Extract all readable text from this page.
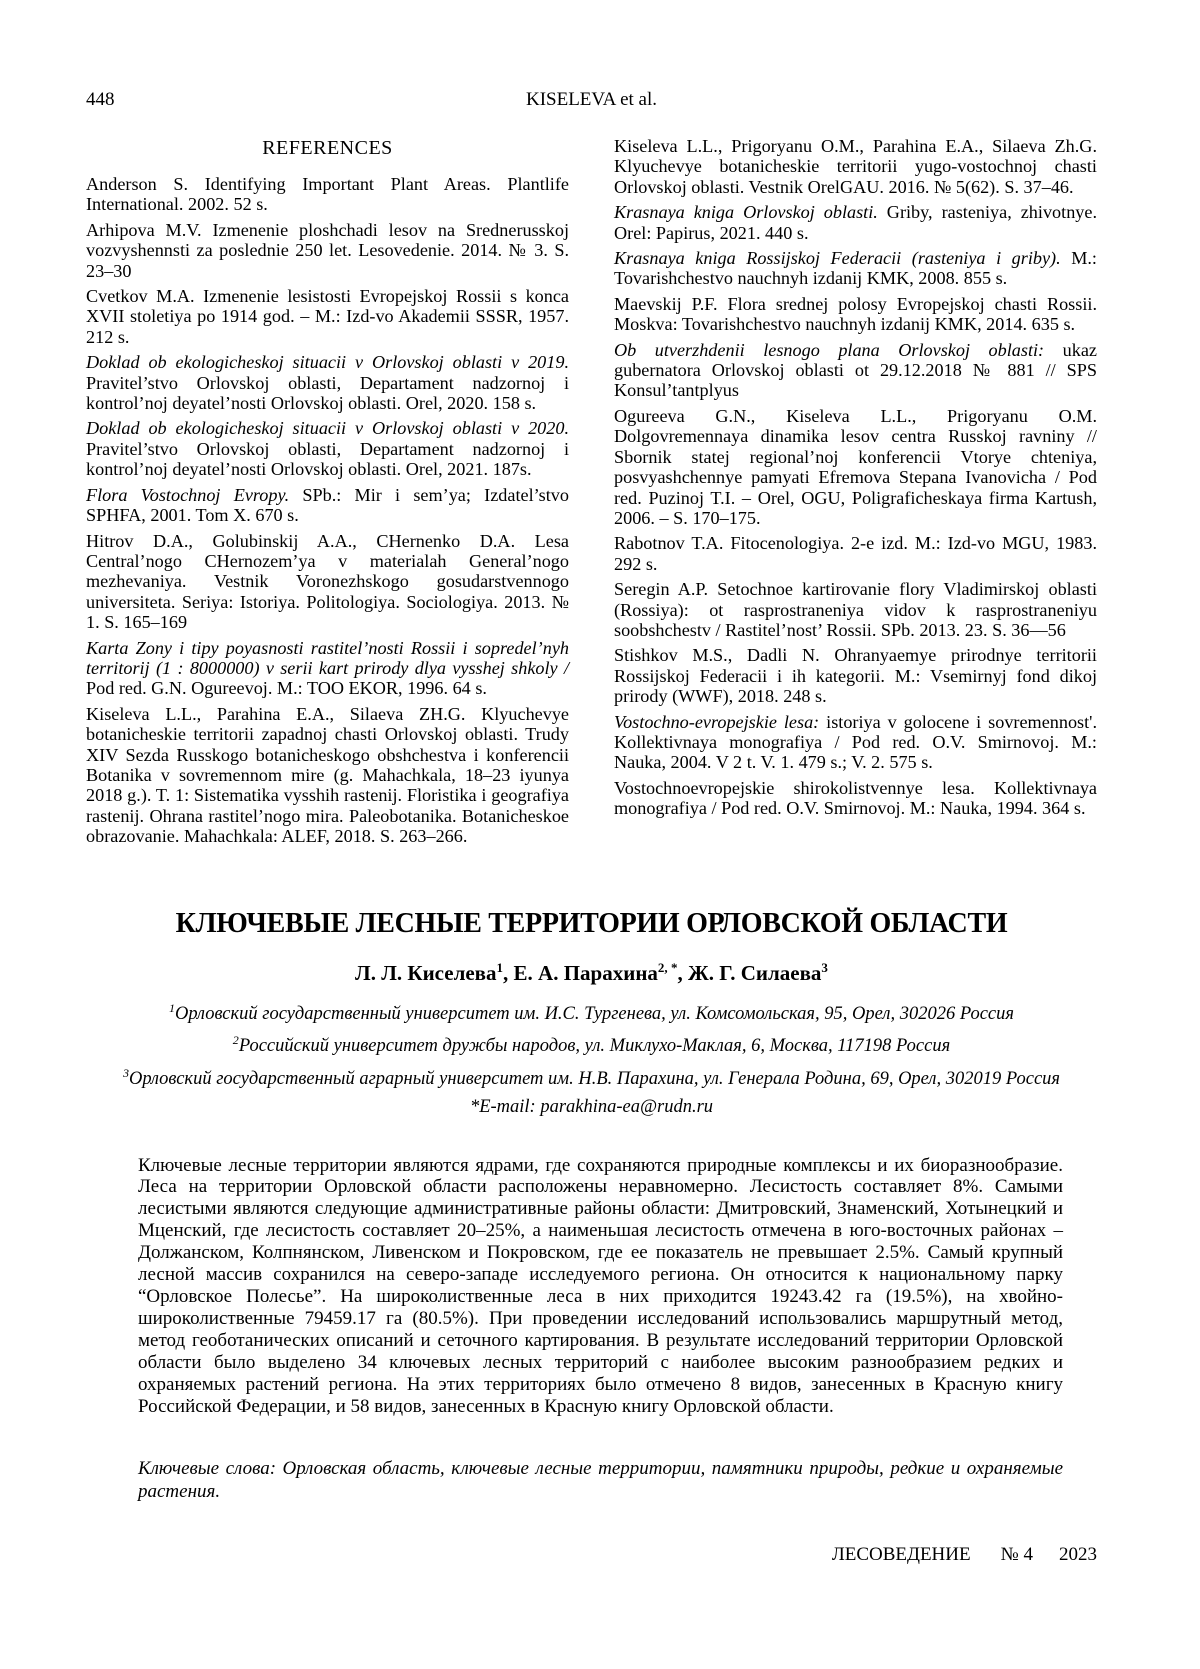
448	KISELEVA et al.
REFERENCES

Anderson S. Identifying Important Plant Areas. Plantlife International. 2002. 52 s.

Arhipova M.V. Izmenenie ploshchadi lesov na Srednerusskoj vozvyshennsti za poslednie 250 let. Lesovedenie. 2014. № 3. S. 23–30

Cvetkov M.A. Izmenenie lesistosti Evropejskoj Rossii s konca XVII stoletiya po 1914 god. – M.: Izd-vo Akademii SSSR, 1957. 212 s.

Doklad ob ekologicheskoj situacii v Orlovskoj oblasti v 2019. Pravitel’stvo Orlovskoj oblasti, Departament nadzornoj i kontrol’noj deyatel’nosti Orlovskoj oblasti. Orel, 2020. 158 s.

Doklad ob ekologicheskoj situacii v Orlovskoj oblasti v 2020. Pravitel’stvo Orlovskoj oblasti, Departament nadzornoj i kontrol’noj deyatel’nosti Orlovskoj oblasti. Orel, 2021. 187s.

Flora Vostochnoj Evropy. SPb.: Mir i sem’ya; Izdatel’stvo SPHFA, 2001. Tom X. 670 s.

Hitrov D.A., Golubinskij A.A., CHernenko D.A. Lesa Central’nogo CHernozem’ya v materialah General’nogo mezhevaniya. Vestnik Voronezhskogo gosudarstvennogo universiteta. Seriya: Istoriya. Politologiya. Sociologiya. 2013. № 1. S. 165–169

Karta Zony i tipy poyasnosti rastitel’nosti Rossii i sopredel’nyh territorij (1 : 8000000) v serii kart prirody dlya vysshej shkoly / Pod red. G.N. Ogureevoj. M.: TOO EKOR, 1996. 64 s.

Kiseleva L.L., Parahina E.A., Silaeva ZH.G. Klyuchevye botanicheskie territorii zapadnoj chasti Orlovskoj oblasti. Trudy XIV Sezda Russkogo botanicheskogo obshchestva i konferencii Botanika v sovremennom mire (g. Mahachkala, 18–23 iyunya 2018 g.). T. 1: Sistematika vysshih rastenij. Floristika i geografiya rastenij. Ohrana rastitel’nogo mira. Paleobotanika. Botanicheskoe obrazovanie. Mahachkala: ALEF, 2018. S. 263–266.

Kiseleva L.L., Prigoryanu O.M., Parahina E.A., Silaeva Zh.G. Klyuchevye botanicheskie territorii yugo-vostochnoj chasti Orlovskoj oblasti. Vestnik OrelGAU. 2016. № 5(62). S. 37–46.

Krasnaya kniga Orlovskoj oblasti. Griby, rasteniya, zhivotnye. Orel: Papirus, 2021. 440 s.

Krasnaya kniga Rossijskoj Federacii (rasteniya i griby). M.: Tovarishchestvo nauchnyh izdanij KMK, 2008. 855 s.

Maevskij P.F. Flora srednej polosy Evropejskoj chasti Rossii. Moskva: Tovarishchestvo nauchnyh izdanij KMK, 2014. 635 s.

Ob utverzhdenii lesnogo plana Orlovskoj oblasti: ukaz gubernatora Orlovskoj oblasti ot 29.12.2018 № 881 // SPS Konsul’tantplyus

Ogureeva G.N., Kiseleva L.L., Prigoryanu O.M. Dolgovremennaya dinamika lesov centra Russkoj ravniny // Sbornik statej regional’noj konferencii Vtorye chteniya, posvyashchennye pamyati Efremova Stepana Ivanovicha / Pod red. Puzinoj T.I. – Orel, OGU, Poligraficheskaya firma Kartush, 2006. – S. 170–175.

Rabotnov T.A. Fitocenologiya. 2-e izd. M.: Izd-vo MGU, 1983. 292 s.

Seregin A.P. Setochnoe kartirovanie flory Vladimirskoj oblasti (Rossiya): ot rasprostraneniya vidov k rasprostraneniyu soobshchestv / Rastitel’nost’ Rossii. SPb. 2013. 23. S. 36—56

Stishkov M.S., Dadli N. Ohranyaemye prirodnye territorii Rossijskoj Federacii i ih kategorii. M.: Vsemirnyj fond dikoj prirody (WWF), 2018. 248 s.

Vostochno-evropejskie lesa: istoriya v golocene i sovremennost'. Kollektivnaya monografiya / Pod red. O.V. Smirnovoj. M.: Nauka, 2004. V 2 t. V. 1. 479 s.; V. 2. 575 s.

Vostochnoevropejskie shirokolistvennye lesa. Kollektivnaya monografiya / Pod red. O.V. Smirnovoj. M.: Nauka, 1994. 364 s.

КЛЮЧЕВЫЕ ЛЕСНЫЕ ТЕРРИТОРИИ ОРЛОВСКОЙ ОБЛАСТИ
Л. Л. Киселева$^1$, Е. А. Парахина$^{2, *}$, Ж. Г. Силаева$^3$
$^1$Орловский государственный университет им. И.С. Тургенева, ул. Комсомольская, 95, Орел, 302026 Россия
$^2$Российский университет дружбы народов, ул. Миклухо-Маклая, 6, Москва, 117198 Россия
$^3$Орловский государственный аграрный университет им. Н.В. Парахина, ул. Генерала Родина, 69, Орел, 302019 Россия
*E-mail: parakhina-ea@rudn.ru
Ключевые лесные территории являются ядрами, где сохраняются природные комплексы и их биоразнообразие. Леса на территории Орловской области расположены неравномерно. Лесистость составляет 8%. Самыми лесистыми являются следующие административные районы области: Дмитровский, Знаменский, Хотынецкий и Мценский, где лесистость составляет 20–25%, а наименьшая лесистость отмечена в юго-восточных районах – Должанском, Колпнянском, Ливенском и Покровском, где ее показатель не превышает 2.5%. Самый крупный лесной массив сохранился на северо-западе исследуемого региона. Он относится к национальному парку “Орловское Полесье”. На широколиственные леса в них приходится 19243.42 га (19.5%), на хвойно-широколиственные 79459.17 га (80.5%). При проведении исследований использовались маршрутный метод, метод геоботанических описаний и сеточного картирования. В результате исследований территории Орловской области было выделено 34 ключевых лесных территорий с наиболее высоким разнообразием редких и охраняемых растений региона. На этих территориях было отмечено 8 видов, занесенных в Красную книгу Российской Федерации, и 58 видов, занесенных в Красную книгу Орловской области.
Ключевые слова: Орловская область, ключевые лесные территории, памятники природы, редкие и охраняемые растения.
ЛЕСОВЕДЕНИЕ № 4 2023
